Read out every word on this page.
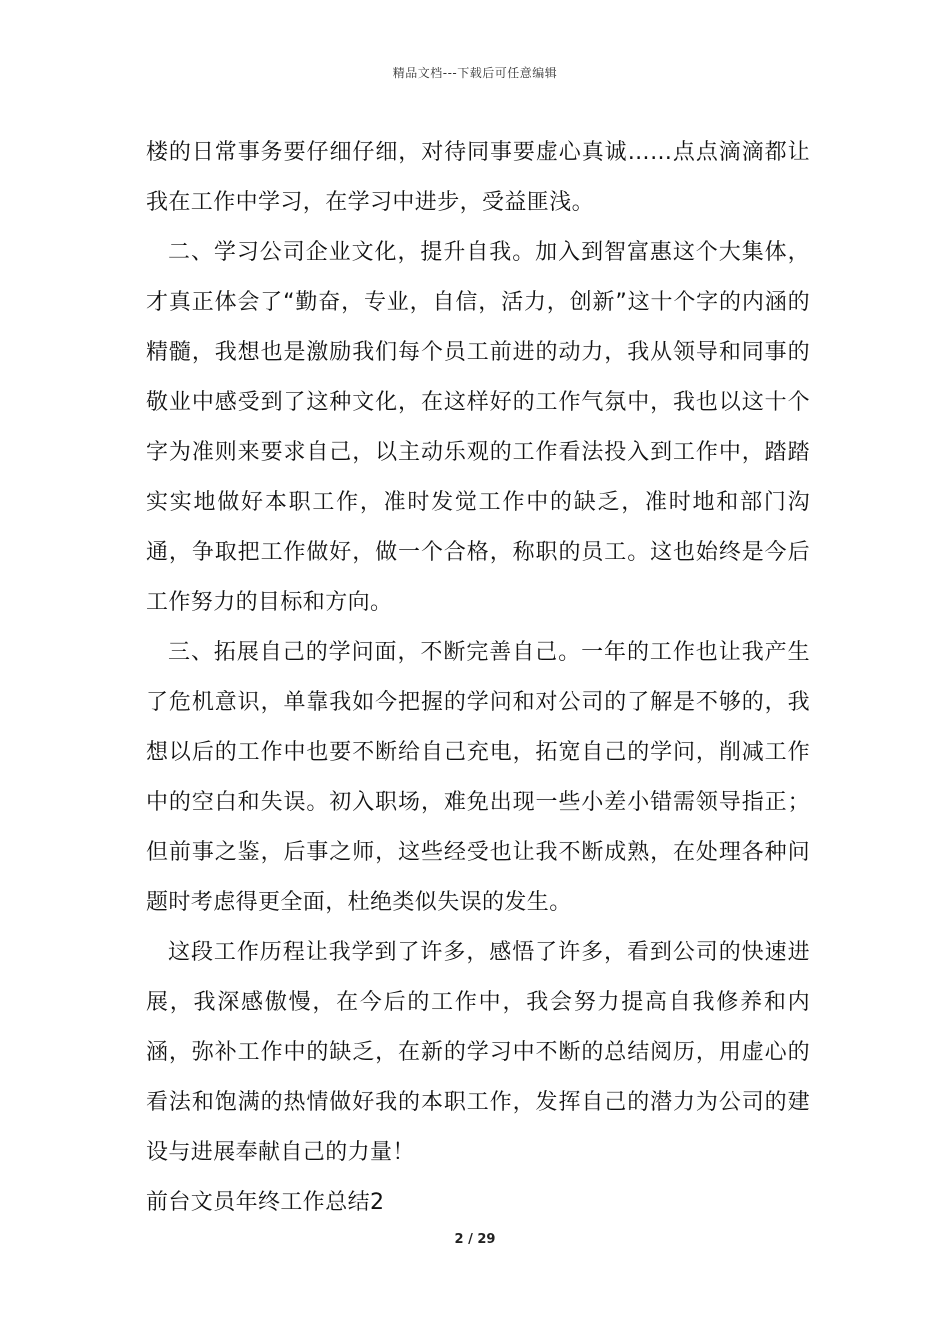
精品文档---下载后可任意编辑

楼的日常事务要仔细仔细，对待同事要虚心真诚……点点滴滴都让我在工作中学习，在学习中进步，受益匪浅。

二、学习公司企业文化，提升自我。加入到智富惠这个大集体，才真正体会了“勤奋，专业，自信，活力，创新”这十个字的内涵的精髓，我想也是激励我们每个员工前进的动力，我从领导和同事的敬业中感受到了这种文化，在这样好的工作气氛中，我也以这十个字为准则来要求自己，以主动乐观的工作看法投入到工作中，踏踏实实地做好本职工作，准时发觉工作中的缺乏，准时地和部门沟通，争取把工作做好，做一个合格，称职的员工。这也始终是今后工作努力的目标和方向。

三、拓展自己的学问面，不断完善自己。一年的工作也让我产生了危机意识，单靠我如今把握的学问和对公司的了解是不够的，我想以后的工作中也要不断给自己充电，拓宽自己的学问，削减工作中的空白和失误。初入职场，难免出现一些小差小错需领导指正；但前事之鉴，后事之师，这些经受也让我不断成熟，在处理各种问题时考虑得更全面，杜绝类似失误的发生。

这段工作历程让我学到了许多，感悟了许多，看到公司的快速进展，我深感傲慢，在今后的工作中，我会努力提高自我修养和内涵，弥补工作中的缺乏，在新的学习中不断的总结阅历，用虚心的看法和饱满的热情做好我的本职工作，发挥自己的潜力为公司的建设与进展奉献自己的力量！

前台文员年终工作总结2

2 / 29
